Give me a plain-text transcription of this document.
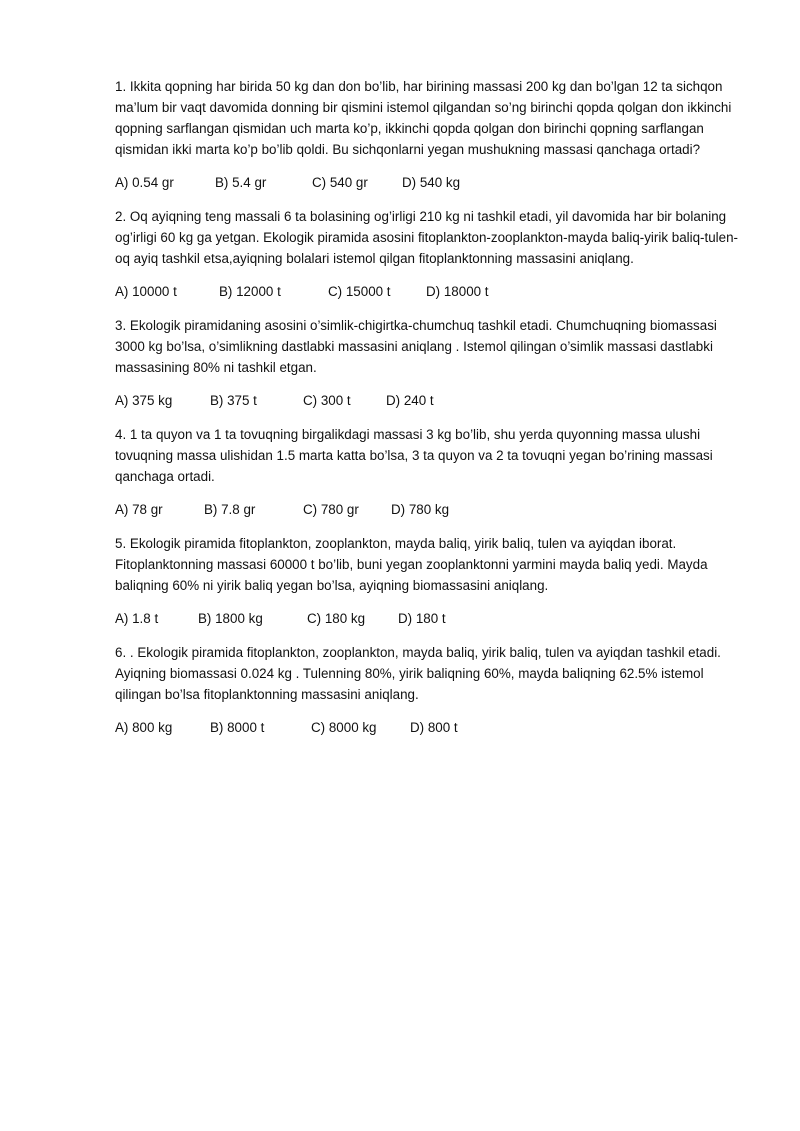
1. Ikkita qopning har birida 50 kg dan don bo’lib, har birining massasi 200 kg dan bo’lgan 12 ta sichqon ma’lum bir vaqt davomida donning bir qismini istemol qilgandan so’ng birinchi qopda qolgan don ikkinchi qopning sarflangan qismidan uch marta ko’p, ikkinchi qopda qolgan don birinchi qopning sarflangan qismidan ikki marta ko’p bo’lib qoldi. Bu sichqonlarni yegan mushukning massasi qanchaga ortadi?

A) 0.54 gr	B) 5.4 gr	C) 540 gr	D) 540 kg

2. Oq ayiqning teng massali 6 ta bolasining og’irligi 210 kg ni tashkil etadi, yil davomida har bir bolaning og’irligi 60 kg ga yetgan. Ekologik piramida asosini fitoplankton-zooplankton-mayda baliq-yirik baliq-tulen-oq ayiq tashkil etsa,ayiqning bolalari istemol qilgan fitoplanktonning massasini aniqlang.

A) 10000 t	B) 12000 t	C) 15000 t	D) 18000 t

3. Ekologik piramidaning asosini o’simlik-chigirtka-chumchuq tashkil etadi. Chumchuqning biomassasi 3000 kg bo’lsa, o’simlikning dastlabki massasini aniqlang . Istemol qilingan o’simlik massasi dastlabki massasining 80% ni tashkil etgan.

A) 375 kg	B) 375 t	C) 300 t	D) 240 t

4. 1 ta quyon va 1 ta tovuqning birgalikdagi massasi 3 kg bo’lib, shu yerda quyonning massa ulushi tovuqning massa ulishidan 1.5 marta katta bo’lsa, 3 ta quyon va 2 ta tovuqni yegan bo’rining massasi qanchaga ortadi.

A) 78 gr	B) 7.8 gr	C) 780 gr	D) 780 kg

5. Ekologik piramida fitoplankton, zooplankton, mayda baliq, yirik baliq, tulen va ayiqdan iborat. Fitoplanktonning massasi 60000 t bo’lib, buni yegan zooplanktonni yarmini mayda baliq yedi. Mayda baliqning 60% ni yirik baliq yegan bo’lsa, ayiqning biomassasini aniqlang.

A) 1.8 t	B) 1800 kg	C) 180 kg	D) 180 t

6. . Ekologik piramida fitoplankton, zooplankton, mayda baliq, yirik baliq, tulen va ayiqdan tashkil etadi. Ayiqning biomassasi 0.024 kg . Tulenning 80%, yirik baliqning 60%, mayda baliqning 62.5% istemol qilingan bo’lsa fitoplanktonning massasini aniqlang.

A) 800 kg	B) 8000 t	C) 8000 kg	D) 800 t
